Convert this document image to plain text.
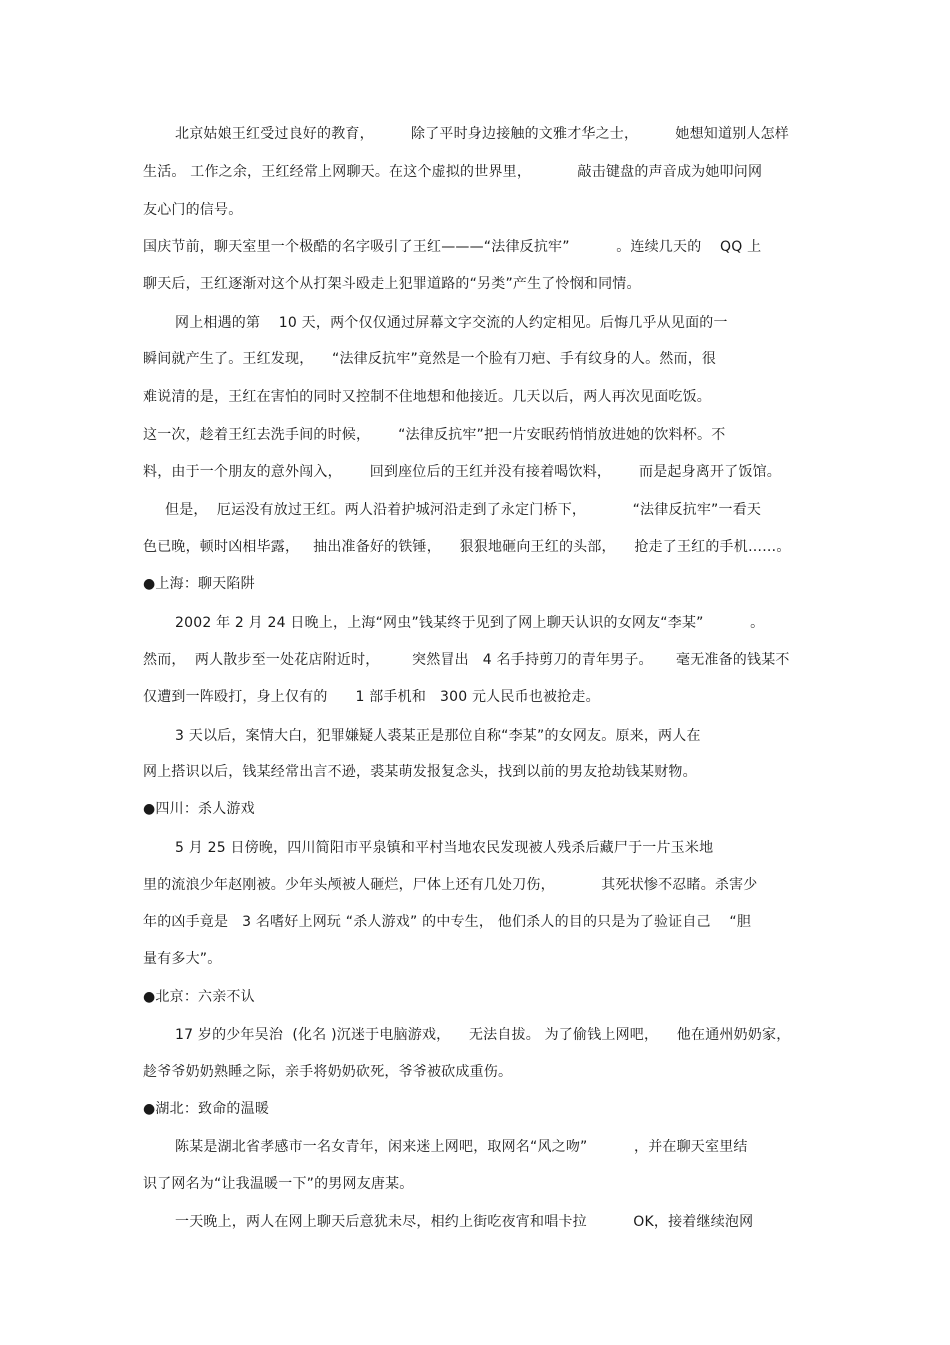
北京姑娘王红受过良好的教育，        除了平时身边接触的文雅才华之士，        她想知道别人怎样
生活。 工作之余，王红经常上网聊天。在这个虚拟的世界里，          敲击键盘的声音成为她叩问网
友心门的信号。
国庆节前，聊天室里一个极酷的名字吸引了王红———“法律反抗牢”          。连续几天的    QQ 上
聊天后，王红逐渐对这个从打架斗殴走上犯罪道路的“另类”产生了怜悯和同情。
网上相遇的第    10 天，两个仅仅通过屏幕文字交流的人约定相见。后悔几乎从见面的一
瞬间就产生了。王红发现，    “法律反抗牢”竟然是一个脸有刀疤、手有纹身的人。然而，很
难说清的是，王红在害怕的同时又控制不住地想和他接近。几天以后，两人再次见面吃饭。
这一次，趁着王红去洗手间的时候，      “法律反抗牢”把一片安眠药悄悄放进她的饮料杯。不
料，由于一个朋友的意外闯入，      回到座位后的王红并没有接着喝饮料，      而是起身离开了饭馆。
但是，  厄运没有放过王红。两人沿着护城河沿走到了永定门桥下，          “法律反抗牢”一看天
色已晚，顿时凶相毕露，   抽出准备好的铁锤，    狠狠地砸向王红的头部，    抢走了王红的手机……。
●上海：聊天陷阱
2002 年 2 月 24 日晚上，上海“网虫”钱某终于见到了网上聊天认识的女网友“李某”          。
然而，  两人散步至一处花店附近时，       突然冒出   4 名手持剪刀的青年男子。     毫无准备的钱某不
仅遭到一阵殴打，身上仅有的      1 部手机和   300 元人民币也被抢走。
3 天以后，案情大白，犯罪嫌疑人裘某正是那位自称“李某”的女网友。原来，两人在
网上搭识以后，钱某经常出言不逊，裘某萌发报复念头，找到以前的男友抢劫钱某财物。
●四川：杀人游戏
5 月 25 日傍晚，四川简阳市平泉镇和平村当地农民发现被人残杀后藏尸于一片玉米地
里的流浪少年赵刚被。少年头颅被人砸烂，尸体上还有几处刀伤，          其死状惨不忍睹。杀害少
年的凶手竟是   3 名嗜好上网玩 “杀人游戏” 的中专生， 他们杀人的目的只是为了验证自己    “胆
量有多大”。
●北京：六亲不认
17 岁的少年吴治  (化名 )沉迷于电脑游戏，    无法自拔。 为了偷钱上网吧，    他在通州奶奶家，
趁爷爷奶奶熟睡之际，亲手将奶奶砍死，爷爷被砍成重伤。
●湖北：致命的温暖
陈某是湖北省孝感市一名女青年，闲来迷上网吧，取网名“风之吻”          ，并在聊天室里结
识了网名为“让我温暖一下”的男网友唐某。
一天晚上，两人在网上聊天后意犹未尽，相约上街吃夜宵和唱卡拉          OK，接着继续泡网
